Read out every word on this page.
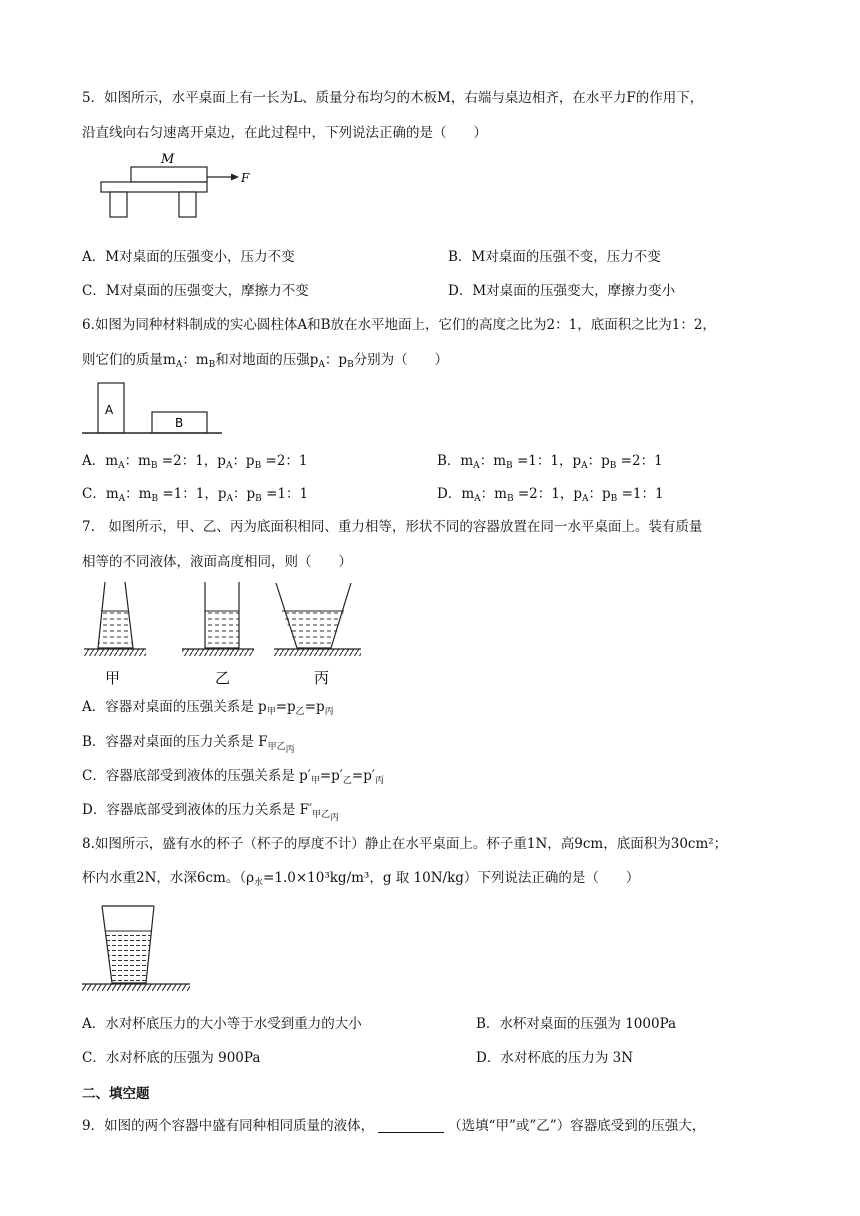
5．如图所示，水平桌面上有一长为L、质量分布均匀的木板M，右端与桌边相齐，在水平力F的作用下，
沿直线向右匀速离开桌边，在此过程中，下列说法正确的是（　　）
M
F
A．M对桌面的压强变小，压力不变	B．M对桌面的压强不变，压力不变
C．M对桌面的压强变大，摩擦力不变	D．M对桌面的压强变大，摩擦力变小
6.如图为同种材料制成的实心圆柱体A和B放在水平地面上，它们的高度之比为2：1，底面积之比为1：2，
则它们的质量$m_A$：$m_B$和对地面的压强$p_A$：$p_B$分别为（　　）
A
B
A．$m_A$：$m_B =2$：1，$p_A$：$p_B =2$：1	B．$m_A$：$m_B =1$：1，$p_A$：$p_B =2$：1
C．$m_A$：$m_B =1$：1，$p_A$：$p_B =1$：1	D．$m_A$：$m_B =2$：1，$p_A$：$p_B =1$：1
7.　如图所示，甲、乙、丙为底面积相同、重力相等，形状不同的容器放置在同一水平桌面上。装有质量
相等的不同液体，液面高度相同，则（　　）
甲	乙	丙
A．容器对桌面的压强关系是 $p_甲=p_乙=p_丙$
B．容器对桌面的压力关系是 $F_{甲乙丙}$
C．容器底部受到液体的压强关系是 $p'_甲=p'_乙=p'_丙$
D．容器底部受到液体的压力关系是 $F'_{甲乙丙}$
8.如图所示，盛有水的杯子（杯子的厚度不计）静止在水平桌面上。杯子重1N，高9cm，底面积为30cm²；
杯内水重2N，水深6cm。（$\rho_水=1.0\times 10^3kg/m^3$，g 取 10N/kg）下列说法正确的是（　　）
A．水对杯底压力的大小等于水受到重力的大小	B．水杯对桌面的压强为 1000Pa
C．水对杯底的压强为 900Pa	D．水对杯底的压力为 3N
二、填空题
9．如图的两个容器中盛有同种相同质量的液体，	（选填“甲”或”乙”）容器底受到的压强大，
